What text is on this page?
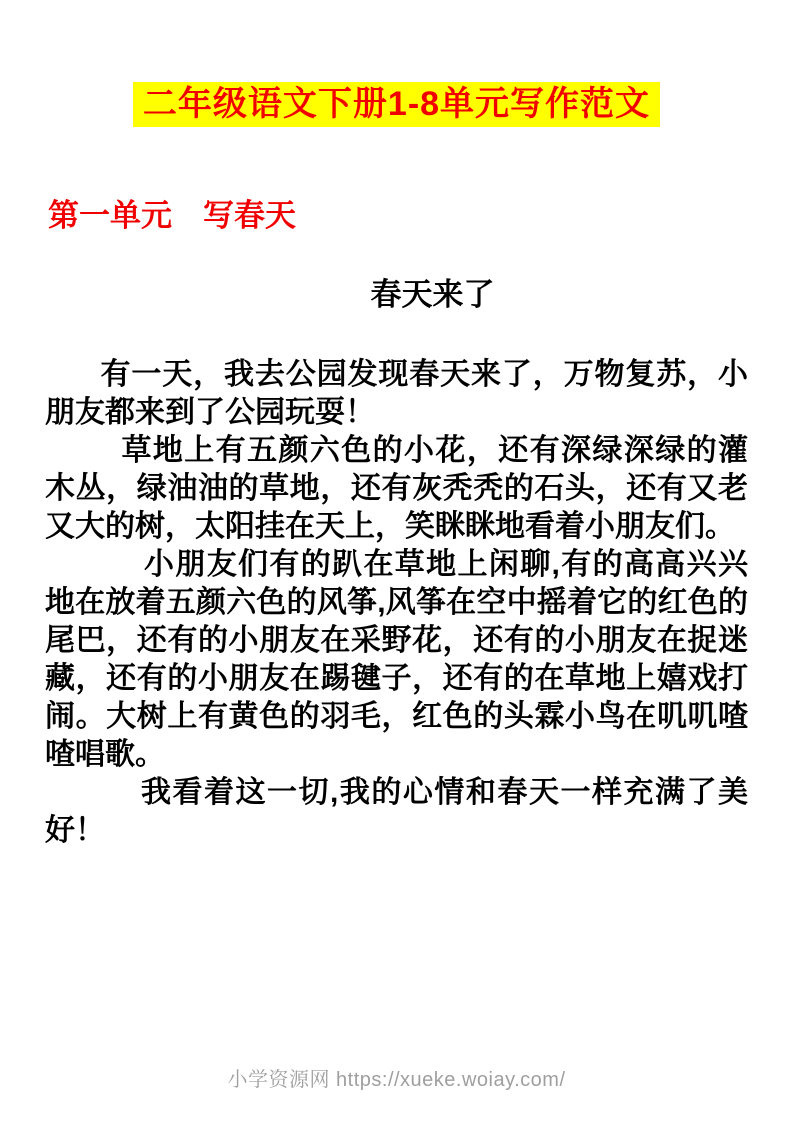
二年级语文下册1-8单元写作范文
第一单元　写春天
春天来了

有一天，我去公园发现春天来了，万物复苏，小朋友都来到了公园玩耍！

草地上有五颜六色的小花，还有深绿深绿的灌木丛，绿油油的草地，还有灰秃秃的石头，还有又老又大的树，太阳挂在天上，笑眯眯地看着小朋友们。

小朋友们有的趴在草地上闲聊,有的高高兴兴地在放着五颜六色的风筝,风筝在空中摇着它的红色的尾巴，还有的小朋友在采野花，还有的小朋友在捉迷藏，还有的小朋友在踢毽子，还有的在草地上嬉戏打闹。大树上有黄色的羽毛，红色的头霖小鸟在叽叽喳喳唱歌。

我看着这一切,我的心情和春天一样充满了美好！

小学资源网 https://xueke.woiay.com/
